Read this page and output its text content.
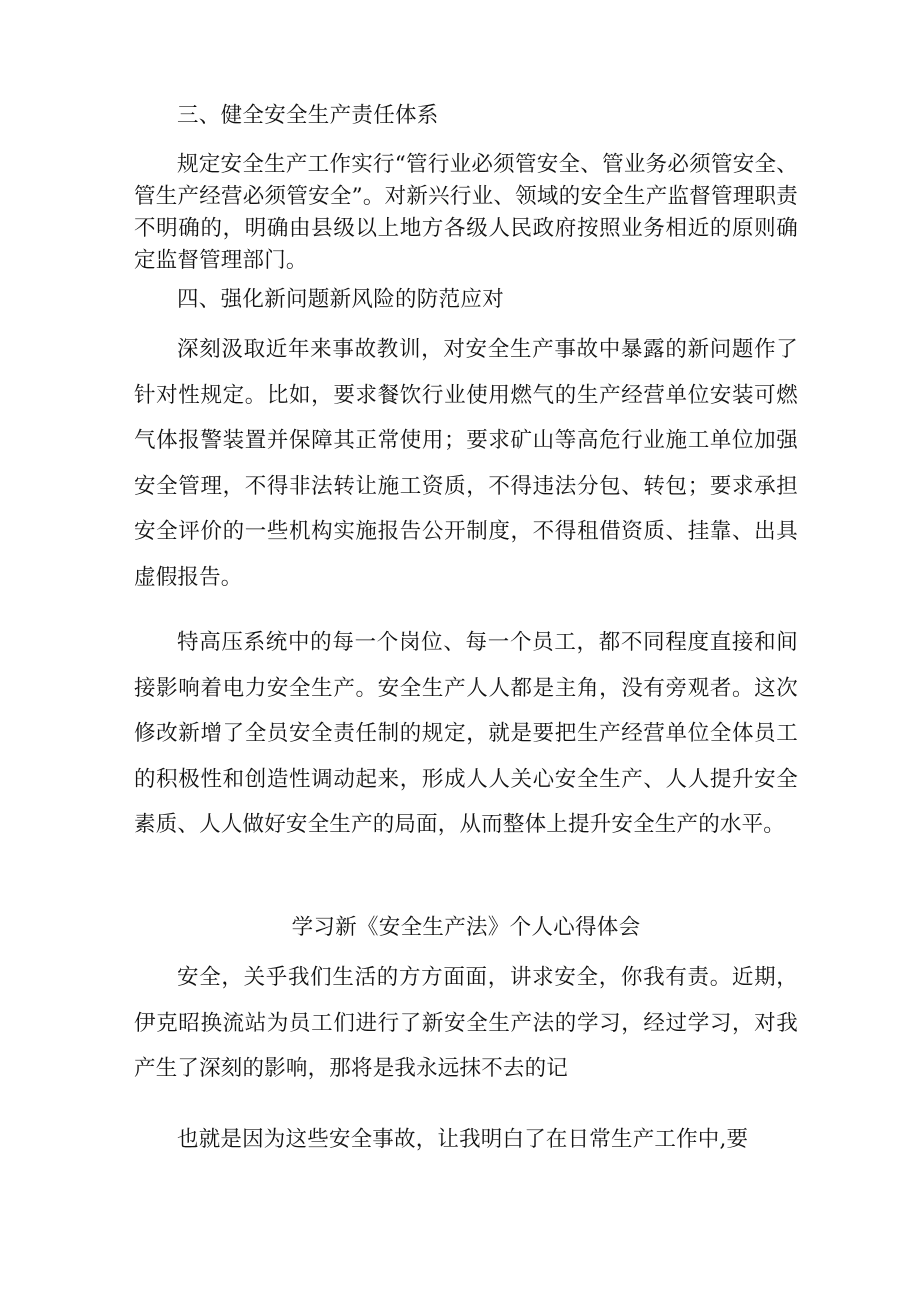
三、健全安全生产责任体系

规定安全生产工作实行“管行业必须管安全、管业务必须管安全、管生产经营必须管安全”。对新兴行业、领域的安全生产监督管理职责不明确的，明确由县级以上地方各级人民政府按照业务相近的原则确定监督管理部门。

四、强化新问题新风险的防范应对

深刻汲取近年来事故教训，对安全生产事故中暴露的新问题作了针对性规定。比如，要求餐饮行业使用燃气的生产经营单位安装可燃气体报警装置并保障其正常使用；要求矿山等高危行业施工单位加强安全管理，不得非法转让施工资质，不得违法分包、转包；要求承担安全评价的一些机构实施报告公开制度，不得租借资质、挂靠、出具虚假报告。

特高压系统中的每一个岗位、每一个员工，都不同程度直接和间接影响着电力安全生产。安全生产人人都是主角，没有旁观者。这次修改新增了全员安全责任制的规定，就是要把生产经营单位全体员工的积极性和创造性调动起来，形成人人关心安全生产、人人提升安全素质、人人做好安全生产的局面，从而整体上提升安全生产的水平。

学习新《安全生产法》个人心得体会

安全，关乎我们生活的方方面面，讲求安全，你我有责。近期，伊克昭换流站为员工们进行了新安全生产法的学习，经过学习，对我产生了深刻的影响，那将是我永远抹不去的记

也就是因为这些安全事故，让我明白了在日常生产工作中,要
